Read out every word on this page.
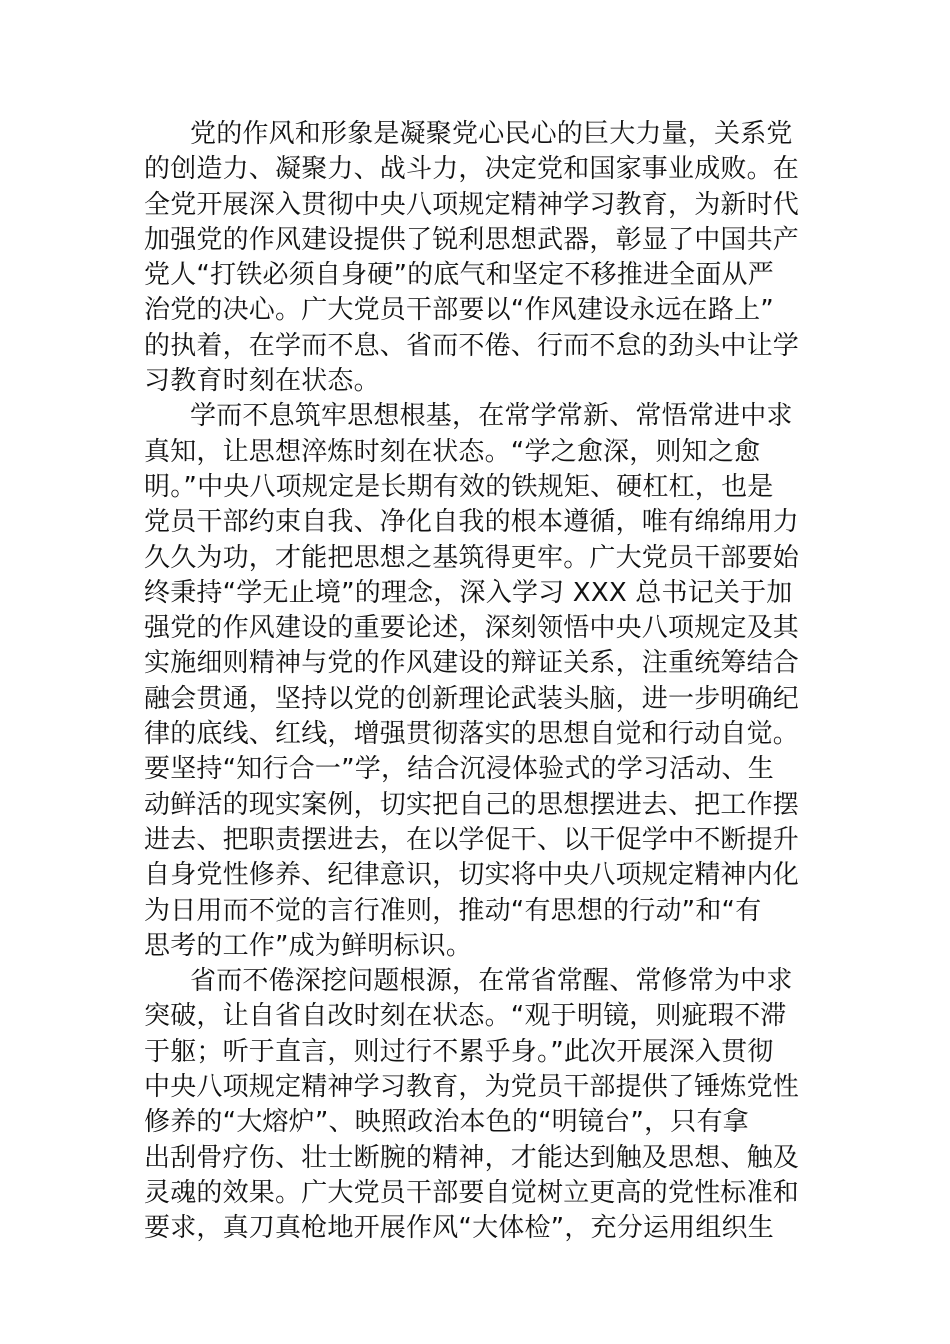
党的作风和形象是凝聚党心民心的巨大力量，关系党
的创造力、凝聚力、战斗力，决定党和国家事业成败。在
全党开展深入贯彻中央八项规定精神学习教育，为新时代
加强党的作风建设提供了锐利思想武器，彰显了中国共产
党人“打铁必须自身硬”的底气和坚定不移推进全面从严
治党的决心。广大党员干部要以“作风建设永远在路上”
的执着，在学而不息、省而不倦、行而不怠的劲头中让学
习教育时刻在状态。
学而不息筑牢思想根基，在常学常新、常悟常进中求
真知，让思想淬炼时刻在状态。“学之愈深，则知之愈
明。”中央八项规定是长期有效的铁规矩、硬杠杠，也是
党员干部约束自我、净化自我的根本遵循，唯有绵绵用力
久久为功，才能把思想之基筑得更牢。广大党员干部要始
终秉持“学无止境”的理念，深入学习 XXX 总书记关于加
强党的作风建设的重要论述，深刻领悟中央八项规定及其
实施细则精神与党的作风建设的辩证关系，注重统筹结合
融会贯通，坚持以党的创新理论武装头脑，进一步明确纪
律的底线、红线，增强贯彻落实的思想自觉和行动自觉。
要坚持“知行合一”学，结合沉浸体验式的学习活动、生
动鲜活的现实案例，切实把自己的思想摆进去、把工作摆
进去、把职责摆进去，在以学促干、以干促学中不断提升
自身党性修养、纪律意识，切实将中央八项规定精神内化
为日用而不觉的言行准则，推动“有思想的行动”和“有
思考的工作”成为鲜明标识。
省而不倦深挖问题根源，在常省常醒、常修常为中求
突破，让自省自改时刻在状态。“观于明镜，则疵瑕不滞
于躯；听于直言，则过行不累乎身。”此次开展深入贯彻
中央八项规定精神学习教育，为党员干部提供了锤炼党性
修养的“大熔炉”、映照政治本色的“明镜台”，只有拿
出刮骨疗伤、壮士断腕的精神，才能达到触及思想、触及
灵魂的效果。广大党员干部要自觉树立更高的党性标准和
要求，真刀真枪地开展作风“大体检”，充分运用组织生
